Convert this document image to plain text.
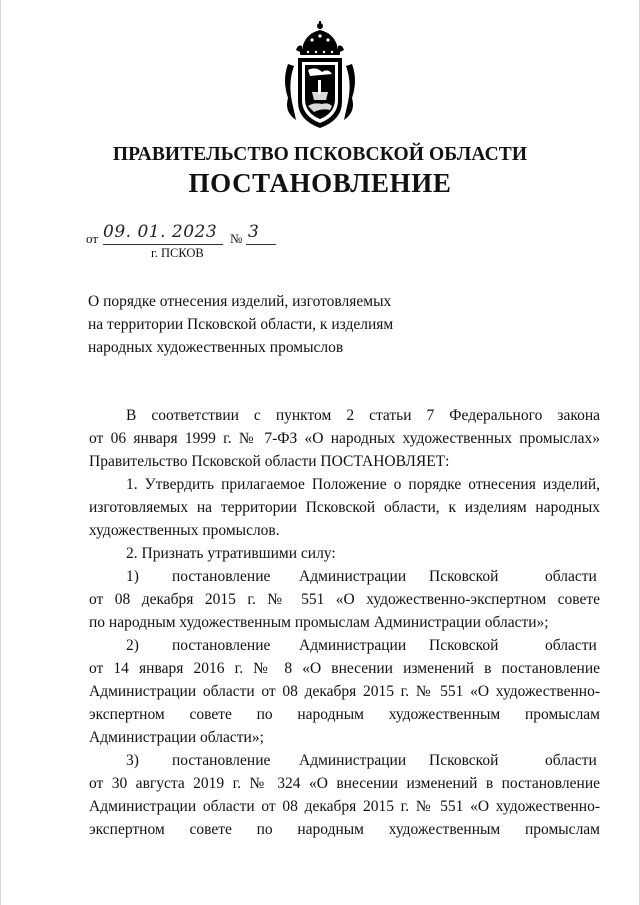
ПРАВИТЕЛЬСТВО ПСКОВСКОЙ ОБЛАСТИ
ПОСТАНОВЛЕНИЕ
от 09. 01. 2023 № 3
г. ПСКОВ
О порядке отнесения изделий, изготовляемых
на территории Псковской области, к изделиям
народных художественных промыслов

В соответствии с пунктом 2 статьи 7 Федерального закона

от 06 января 1999 г. № 7-ФЗ «О народных художественных промыслах»

Правительство Псковской области ПОСТАНОВЛЯЕТ:

1. Утвердить прилагаемое Положение о порядке отнесения изделий,

изготовляемых на территории Псковской области, к изделиям народных

художественных промыслов.

2. Признать утратившими силу:

1) постановление Администрации Псковской	области

от 08 декабря 2015 г. № 551 «О художественно-экспертном совете

по народным художественным промыслам Администрации области»;

2) постановление Администрации Псковской	области

от 14 января 2016 г. № 8 «О внесении изменений в постановление

Администрации области от 08 декабря 2015 г. № 551 «О художественно-

экспертном совете по народным художественным промыслам

Администрации области»;

3) постановление Администрации Псковской	области

от 30 августа 2019 г. № 324 «О внесении изменений в постановление

Администрации области от 08 декабря 2015 г. № 551 «О художественно-

экспертном совете по народным художественным промыслам
